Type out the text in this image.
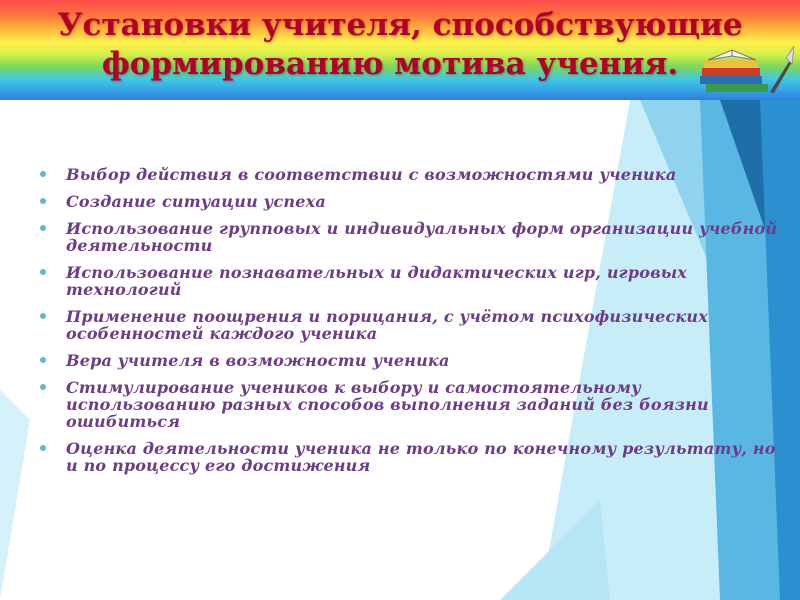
Установки учителя, способствующие
формированию мотива учения.
Выбор действия в соответствии с возможностями ученика
Создание ситуации успеха
Использование групповых и индивидуальных форм организации учебной деятельности
Использование познавательных и дидактических игр, игровых технологий
Применение поощрения и порицания, с учётом психофизических особенностей каждого ученика
Вера учителя в возможности ученика
Стимулирование учеников к выбору и самостоятельному использованию разных способов выполнения заданий без боязни ошибиться
Оценка деятельности ученика не только по конечному результату, но и по процессу его достижения
